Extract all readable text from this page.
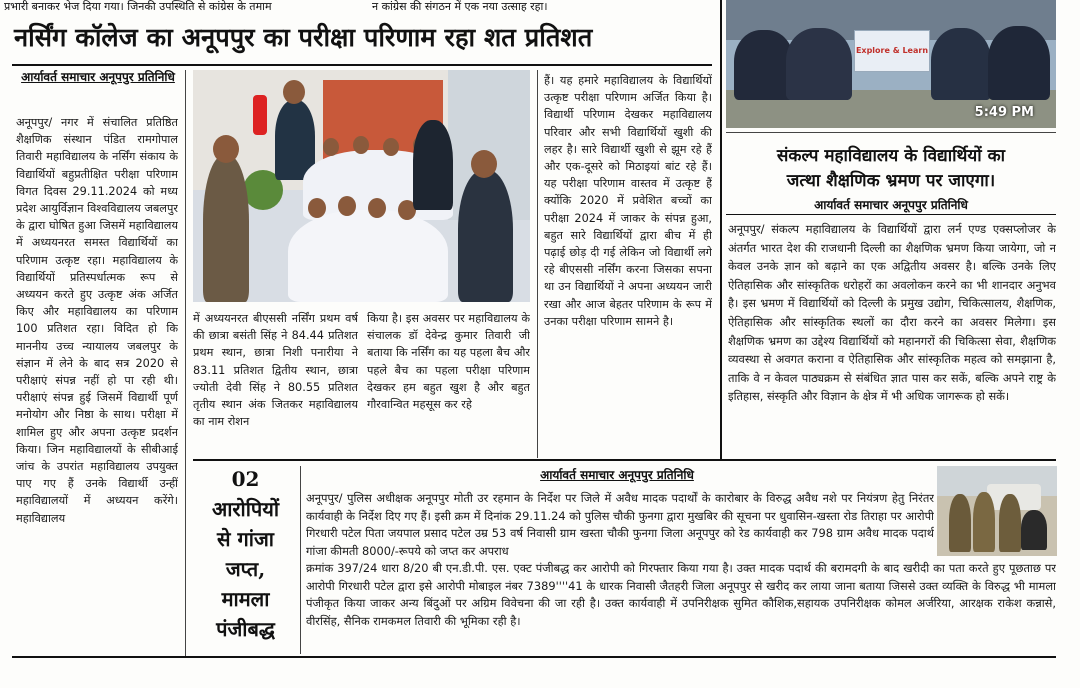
प्रभारी बनाकर भेज दिया गया। जिनकी उपस्थिति से कांग्रेस के तमाम	न कांग्रेस की संगठन में एक नया उत्साह रहा।
नर्सिंग कॉलेज का अनूपपुर का परीक्षा परिणाम रहा शत प्रतिशत
आर्यावर्त समाचार अनूपपुर प्रतिनिधि

अनूपपुर/ नगर में संचालित प्रतिष्ठित शैक्षणिक संस्थान पंडित रामगोपाल तिवारी महाविद्यालय के नर्सिंग संकाय के विद्यार्थियों बहुप्रतीक्षित परीक्षा परिणाम विगत दिवस 29.11.2024 को मध्य प्रदेश आयुर्विज्ञान विश्वविद्यालय जबलपुर के द्वारा घोषित हुआ जिसमें महाविद्यालय में अध्ययनरत समस्त विद्यार्थियों का परिणाम उत्कृष्ट रहा। महाविद्यालय के विद्यार्थियों प्रतिस्पर्धात्मक रूप से अध्ययन करते हुए उत्कृष्ट अंक अर्जित किए और महाविद्यालय का परिणाम 100 प्रतिशत रहा। विदित हो कि माननीय उच्च न्यायालय जबलपुर के संज्ञान में लेने के बाद सत्र 2020 से परीक्षाएं संपन्न नहीं हो पा रही थी। परीक्षाएं संपन्न हुई जिसमें विद्यार्थी पूर्ण मनोयोग और निष्ठा के साथ। परीक्षा में शामिल हुए और अपना उत्कृष्ट प्रदर्शन किया। जिन महाविद्यालयों के सीबीआई जांच के उपरांत महाविद्यालय उपयुक्त पाए गए हैं उनके विद्यार्थी उन्हीं महाविद्यालयों में अध्ययन करेंगे। महाविद्यालय

में अध्ययनरत बीएससी नर्सिंग प्रथम वर्ष की छात्रा बसंती सिंह ने 84.44 प्रतिशत प्रथम स्थान, छात्रा निशी पनारीया ने 83.11 प्रतिशत द्वितीय स्थान, छात्रा ज्योती देवी सिंह ने 80.55 प्रतिशत तृतीय स्थान अंक जितकर महाविद्यालय का नाम रोशन

किया है। इस अवसर पर महाविद्यालय के संचालक डॉ देवेन्द्र कुमार तिवारी जी बताया कि नर्सिंग का यह पहला बैच और पहले बैच का पहला परीक्षा परिणाम देखकर हम बहुत खुश है और बहुत गौरवान्वित महसूस कर रहे

हैं। यह हमारे महाविद्यालय के विद्यार्थियों उत्कृष्ट परीक्षा परिणाम अर्जित किया है। विद्यार्थी परिणाम देखकर महाविद्यालय परिवार और सभी विद्यार्थियों खुशी की लहर है। सारे विद्यार्थी खुशी से झूम रहे हैं और एक-दूसरे को मिठाइयां बांट रहे हैं। यह परीक्षा परिणाम वास्तव में उत्कृष्ट हैं क्योंकि 2020 में प्रवेशित बच्चों का परीक्षा 2024 में जाकर के संपन्न हुआ, बहुत सारे विद्यार्थियों द्वारा बीच में ही पढ़ाई छोड़ दी गई लेकिन जो विद्यार्थी लगे रहे बीएससी नर्सिंग करना जिसका सपना था उन विद्यार्थियों ने अपना अध्ययन जारी रखा और आज बेहतर परिणाम के रूप में उनका परीक्षा परिणाम सामने है।

Explore & Learn
5:49 PM
संकल्प महाविद्यालय के विद्यार्थियों का
जत्था शैक्षणिक भ्रमण पर जाएगा।
आर्यावर्त समाचार अनूपपुर प्रतिनिधि

अनूपपुर/ संकल्प महाविद्यालय के विद्यार्थियों द्वारा लर्न एण्ड एक्सप्लोजर के अंतर्गत भारत देश की राजधानी दिल्ली का शैक्षणिक भ्रमण किया जायेगा, जो न केवल उनके ज्ञान को बढ़ाने का एक अद्वितीय अवसर है। बल्कि उनके लिए ऐतिहासिक और सांस्कृतिक धरोहरों का अवलोकन करने का भी शानदार अनुभव है। इस भ्रमण में विद्यार्थियों को दिल्ली के प्रमुख उद्योग, चिकित्सालय, शैक्षणिक, ऐतिहासिक और सांस्कृतिक स्थलों का दौरा करने का अवसर मिलेगा। इस शैक्षणिक भ्रमण का उद्देश्य विद्यार्थियों को महानगरों की चिकित्सा सेवा, शैक्षणिक व्यवस्था से अवगत कराना व ऐतिहासिक और सांस्कृतिक महत्व को समझाना है, ताकि वे न केवल पाठ्यक्रम से संबंधित ज्ञात पास कर सकें, बल्कि अपने राष्ट्र के इतिहास, संस्कृति और विज्ञान के क्षेत्र में भी अधिक जागरूक हो सकें।

02
आरोपियों
से गांजा
जप्त,
मामला
पंजीबद्ध
आर्यावर्त समाचार अनूपपुर प्रतिनिधि

अनूपपुर/ पुलिस अधीक्षक अनूपपुर मोती उर रहमान के निर्देश पर जिले में अवैध मादक पदार्थों के कारोबार के विरुद्ध अवैध नशे पर नियंत्रण हेतु निरंतर कार्यवाही के निर्देश दिए गए हैं। इसी क्रम में दिनांक 29.11.24 को पुलिस चौकी फुनगा द्वारा मुखबिर की सूचना पर धुवासिन-खस्ता रोड तिराहा पर आरोपी गिरधारी पटेल पिता जयपाल प्रसाद पटेल उम्र 53 वर्ष निवासी ग्राम खस्ता चौकी फुनगा जिला अनूपपुर को रेड कार्यवाही कर 798 ग्राम अवैध मादक पदार्थ गांजा कीमती 8000/-रूपये को जप्त कर अपराध

क्रमांक 397/24 धारा 8/20 बी एन.डी.पी. एस. एक्ट पंजीबद्ध कर आरोपी को गिरफ्तार किया गया है। उक्त मादक पदार्थ की बरामदगी के बाद खरीदी का पता करते हुए पूछताछ पर आरोपी गिरधारी पटेल द्वारा इसे आरोपी मोबाइल नंबर 7389''''41 के धारक निवासी जैतहरी जिला अनूपपुर से खरीद कर लाया जाना बताया जिससे उक्त व्यक्ति के विरुद्ध भी मामला पंजीकृत किया जाकर अन्य बिंदुओं पर अग्रिम विवेचना की जा रही है। उक्त कार्यवाही में उपनिरीक्षक सुमित कौशिक,सहायक उपनिरीक्षक कोमल अर्जरिया, आरक्षक राकेश कन्नासे, वीरसिंह, सैनिक रामकमल तिवारी की भूमिका रही है।
